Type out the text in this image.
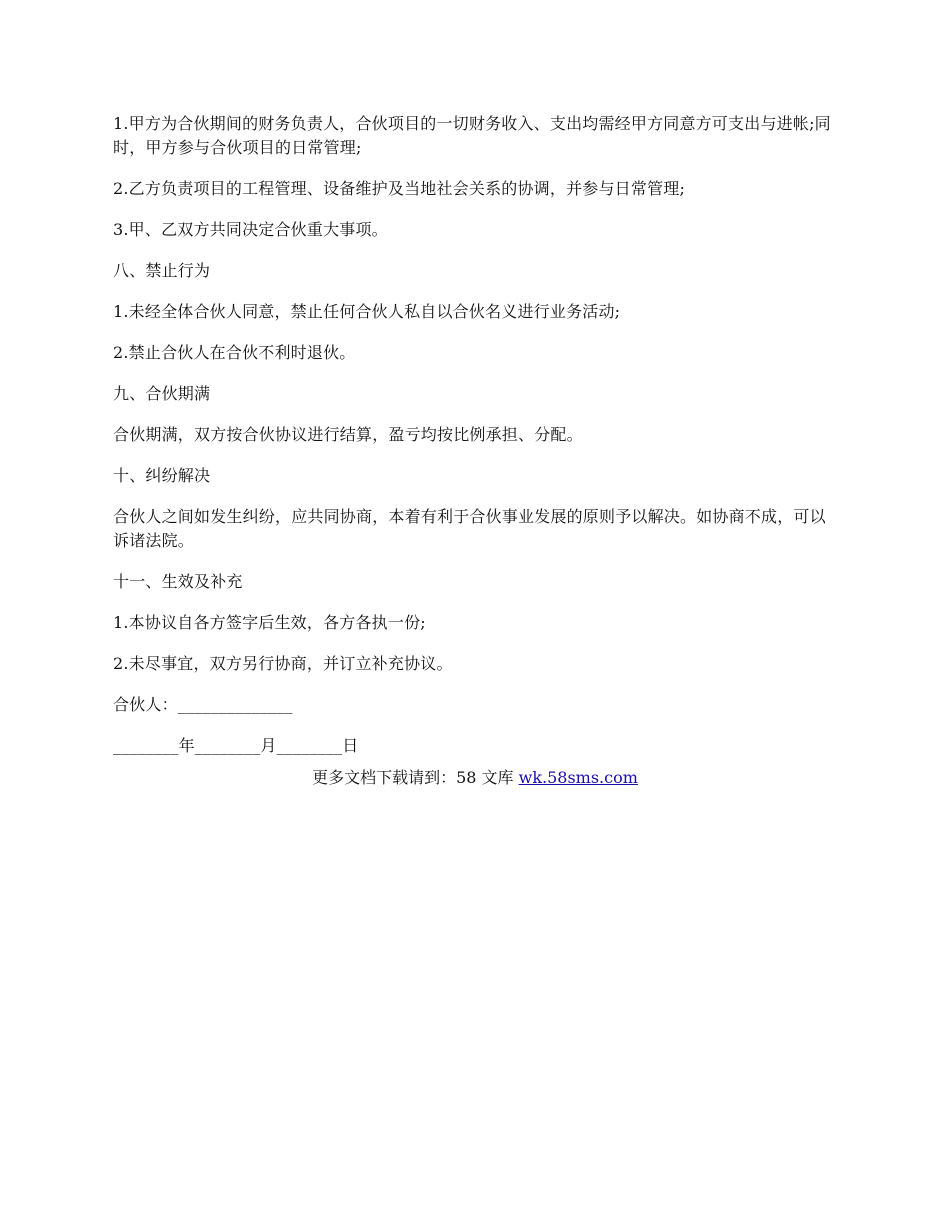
1.甲方为合伙期间的财务负责人，合伙项目的一切财务收入、支出均需经甲方同意方可支出与进帐;同时，甲方参与合伙项目的日常管理;

2.乙方负责项目的工程管理、设备维护及当地社会关系的协调，并参与日常管理;

3.甲、乙双方共同决定合伙重大事项。

八、禁止行为

1.未经全体合伙人同意，禁止任何合伙人私自以合伙名义进行业务活动;

2.禁止合伙人在合伙不利时退伙。

九、合伙期满

合伙期满，双方按合伙协议进行结算，盈亏均按比例承担、分配。

十、纠纷解决

合伙人之间如发生纠纷，应共同协商，本着有利于合伙事业发展的原则予以解决。如协商不成，可以诉诸法院。

十一、生效及补充

1.本协议自各方签字后生效，各方各执一份;

2.未尽事宜，双方另行协商，并订立补充协议。

合伙人：______________

________年________月________日

更多文档下载请到：58 文库 wk.58sms.com
